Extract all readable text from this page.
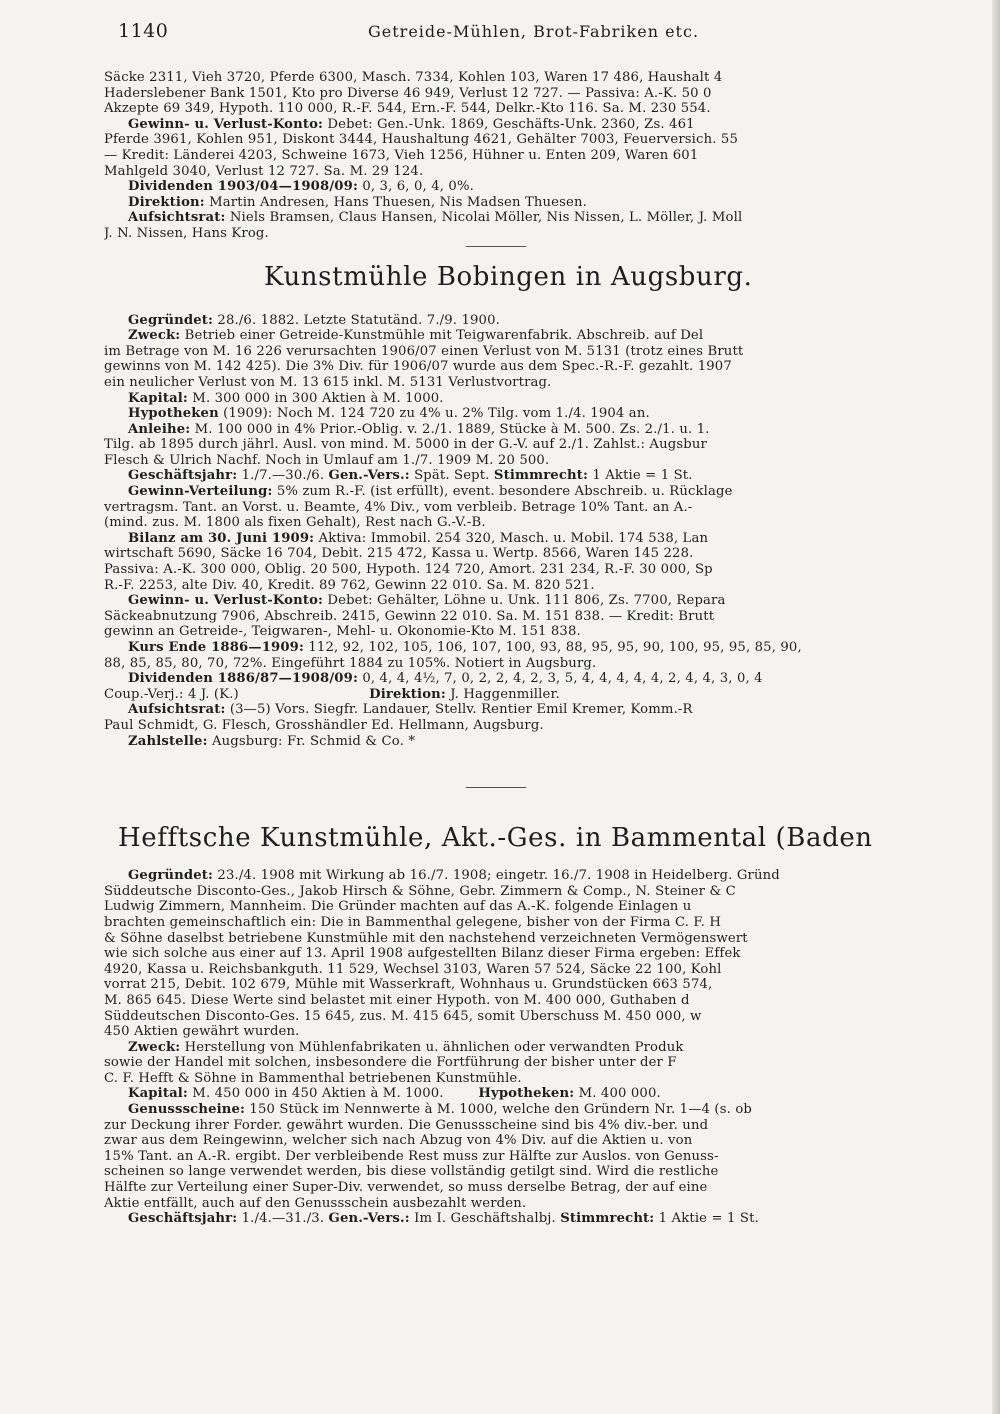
1140	Getreide-Mühlen, Brot-Fabriken etc.
Säcke 2311, Vieh 3720, Pferde 6300, Masch. 7334, Kohlen 103, Waren 17 486, Haushalt 4
Haderslebener Bank 1501, Kto pro Diverse 46 949, Verlust 12 727. — Passiva: A.-K. 50 0
Akzepte 69 349, Hypoth. 110 000, R.-F. 544, Ern.-F. 544, Delkr.-Kto 116. Sa. M. 230 554.
Gewinn- u. Verlust-Konto: Debet: Gen.-Unk. 1869, Geschäfts-Unk. 2360, Zs. 461
Pferde 3961, Kohlen 951, Diskont 3444, Haushaltung 4621, Gehälter 7003, Feuerversich. 55
— Kredit: Länderei 4203, Schweine 1673, Vieh 1256, Hühner u. Enten 209, Waren 601
Mahlgeld 3040, Verlust 12 727. Sa. M. 29 124.
Dividenden 1903/04—1908/09: 0, 3, 6, 0, 4, 0%.
Direktion: Martin Andresen, Hans Thuesen, Nis Madsen Thuesen.
Aufsichtsrat: Niels Bramsen, Claus Hansen, Nicolai Möller, Nis Nissen, L. Möller, J. Moll
J. N. Nissen, Hans Krog.
Kunstmühle Bobingen in Augsburg.
Gegründet: 28./6. 1882. Letzte Statutänd. 7./9. 1900.
Zweck: Betrieb einer Getreide-Kunstmühle mit Teigwarenfabrik. Abschreib. auf Del
im Betrage von M. 16 226 verursachten 1906/07 einen Verlust von M. 5131 (trotz eines Brutt
gewinns von M. 142 425). Die 3% Div. für 1906/07 wurde aus dem Spec.-R.-F. gezahlt. 1907
ein neulicher Verlust von M. 13 615 inkl. M. 5131 Verlustvortrag.
Kapital: M. 300 000 in 300 Aktien à M. 1000.
Hypotheken (1909): Noch M. 124 720 zu 4% u. 2% Tilg. vom 1./4. 1904 an.
Anleihe: M. 100 000 in 4% Prior.-Oblig. v. 2./1. 1889, Stücke à M. 500. Zs. 2./1. u. 1.
Tilg. ab 1895 durch jährl. Ausl. von mind. M. 5000 in der G.-V. auf 2./1. Zahlst.: Augsbur
Flesch & Ulrich Nachf. Noch in Umlauf am 1./7. 1909 M. 20 500.
Geschäftsjahr: 1./7.—30./6. Gen.-Vers.: Spät. Sept. Stimmrecht: 1 Aktie = 1 St.
Gewinn-Verteilung: 5% zum R.-F. (ist erfüllt), event. besondere Abschreib. u. Rücklage
vertragsm. Tant. an Vorst. u. Beamte, 4% Div., vom verbleib. Betrage 10% Tant. an A.-
(mind. zus. M. 1800 als fixen Gehalt), Rest nach G.-V.-B.
Bilanz am 30. Juni 1909: Aktiva: Immobil. 254 320, Masch. u. Mobil. 174 538, Lan
wirtschaft 5690, Säcke 16 704, Debit. 215 472, Kassa u. Wertp. 8566, Waren 145 228.
Passiva: A.-K. 300 000, Oblig. 20 500, Hypoth. 124 720, Amort. 231 234, R.-F. 30 000, Sp
R.-F. 2253, alte Div. 40, Kredit. 89 762, Gewinn 22 010. Sa. M. 820 521.
Gewinn- u. Verlust-Konto: Debet: Gehälter, Löhne u. Unk. 111 806, Zs. 7700, Repara
Säckeabnutzung 7906, Abschreib. 2415, Gewinn 22 010. Sa. M. 151 838. — Kredit: Brutt
gewinn an Getreide-, Teigwaren-, Mehl- u. Ökonomie-Kto M. 151 838.
Kurs Ende 1886—1909: 112, 92, 102, 105, 106, 107, 100, 93, 88, 95, 95, 90, 100, 95, 95, 85, 90,
88, 85, 85, 80, 70, 72%. Eingeführt 1884 zu 105%. Notiert in Augsburg.
Dividenden 1886/87—1908/09: 0, 4, 4, 4½, 7, 0, 2, 2, 4, 2, 3, 5, 4, 4, 4, 4, 4, 2, 4, 4, 3, 0, 4
Coup.-Verj.: 4 J. (K.)	Direktion: J. Haggenmiller.
Aufsichtsrat: (3—5) Vors. Siegfr. Landauer, Stellv. Rentier Emil Kremer, Komm.-R
Paul Schmidt, G. Flesch, Grosshändler Ed. Hellmann, Augsburg.
Zahlstelle: Augsburg: Fr. Schmid & Co. *
Hefftsche Kunstmühle, Akt.-Ges. in Bammental (Baden
Gegründet: 23./4. 1908 mit Wirkung ab 16./7. 1908; eingetr. 16./7. 1908 in Heidelberg. Gründ
Süddeutsche Disconto-Ges., Jakob Hirsch & Söhne, Gebr. Zimmern & Comp., N. Steiner & C
Ludwig Zimmern, Mannheim. Die Gründer machten auf das A.-K. folgende Einlagen u
brachten gemeinschaftlich ein: Die in Bammenthal gelegene, bisher von der Firma C. F. H
& Söhne daselbst betriebene Kunstmühle mit den nachstehend verzeichneten Vermögenswert
wie sich solche aus einer auf 13. April 1908 aufgestellten Bilanz dieser Firma ergeben: Effek
4920, Kassa u. Reichsbankguth. 11 529, Wechsel 3103, Waren 57 524, Säcke 22 100, Kohl
vorrat 215, Debit. 102 679, Mühle mit Wasserkraft, Wohnhaus u. Grundstücken 663 574,
M. 865 645. Diese Werte sind belastet mit einer Hypoth. von M. 400 000, Guthaben d
Süddeutschen Disconto-Ges. 15 645, zus. M. 415 645, somit Überschuss M. 450 000, w
450 Aktien gewährt wurden.
Zweck: Herstellung von Mühlenfabrikaten u. ähnlichen oder verwandten Produk
sowie der Handel mit solchen, insbesondere die Fortführung der bisher unter der F
C. F. Hefft & Söhne in Bammenthal betriebenen Kunstmühle.
Kapital: M. 450 000 in 450 Aktien à M. 1000.	Hypotheken: M. 400 000.
Genussscheine: 150 Stück im Nennwerte à M. 1000, welche den Gründern Nr. 1—4 (s. ob
zur Deckung ihrer Forder. gewährt wurden. Die Genussscheine sind bis 4% div.-ber. und
zwar aus dem Reingewinn, welcher sich nach Abzug von 4% Div. auf die Aktien u. von
15% Tant. an A.-R. ergibt. Der verbleibende Rest muss zur Hälfte zur Auslos. von Genuss-
scheinen so lange verwendet werden, bis diese vollständig getilgt sind. Wird die restliche
Hälfte zur Verteilung einer Super-Div. verwendet, so muss derselbe Betrag, der auf eine
Aktie entfällt, auch auf den Genussschein ausbezahlt werden.
Geschäftsjahr: 1./4.—31./3. Gen.-Vers.: Im I. Geschäftshalbj. Stimmrecht: 1 Aktie = 1 St.
